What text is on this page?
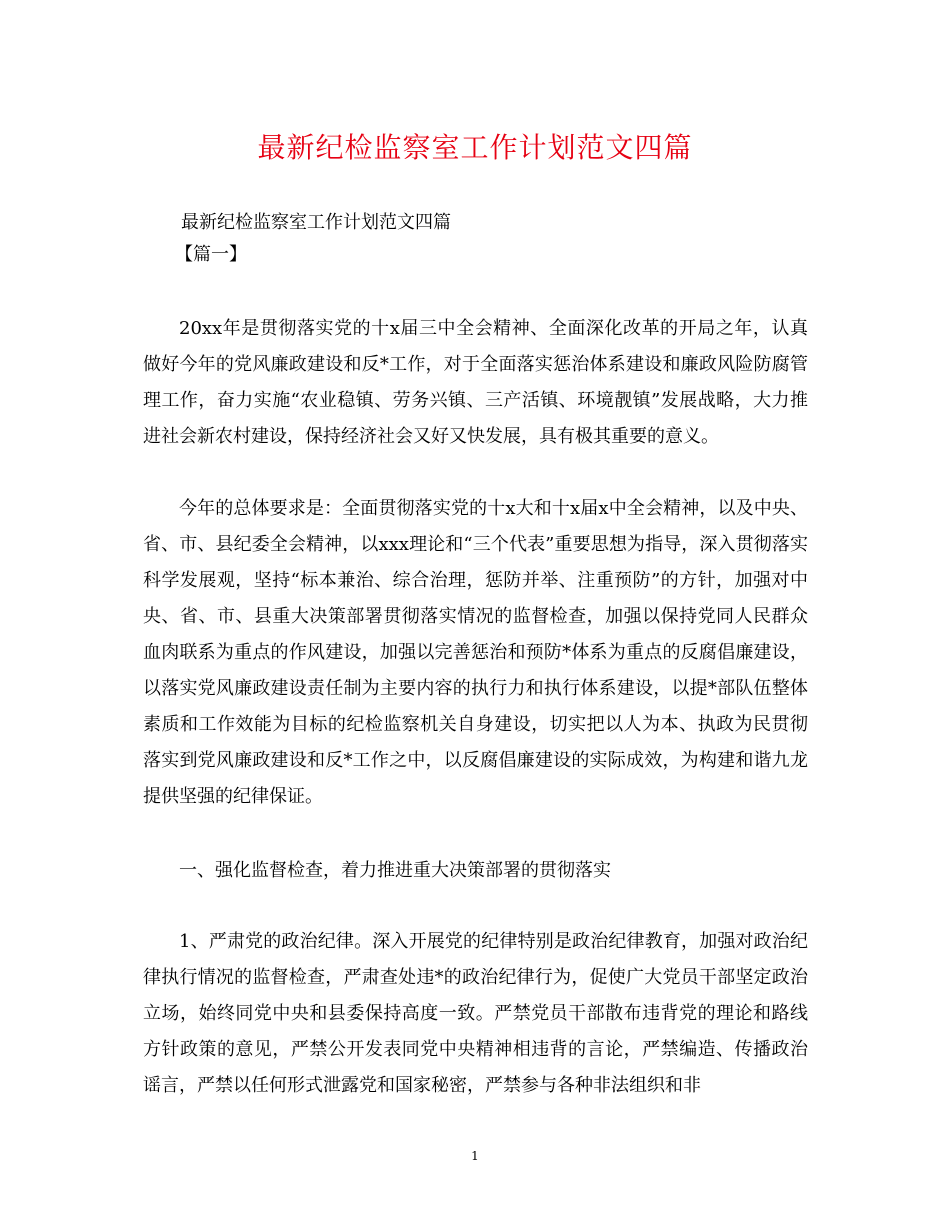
最新纪检监察室工作计划范文四篇

最新纪检监察室工作计划范文四篇

【篇一】

20xx年是贯彻落实党的十x届三中全会精神、全面深化改革的开局之年，认真做好今年的党风廉政建设和反*工作，对于全面落实惩治体系建设和廉政风险防腐管理工作，奋力实施“农业稳镇、劳务兴镇、三产活镇、环境靓镇”发展战略，大力推进社会新农村建设，保持经济社会又好又快发展，具有极其重要的意义。

今年的总体要求是：全面贯彻落实党的十x大和十x届x中全会精神，以及中央、省、市、县纪委全会精神，以xxx理论和“三个代表”重要思想为指导，深入贯彻落实科学发展观，坚持“标本兼治、综合治理，惩防并举、注重预防”的方针，加强对中央、省、市、县重大决策部署贯彻落实情况的监督检查，加强以保持党同人民群众血肉联系为重点的作风建设，加强以完善惩治和预防*体系为重点的反腐倡廉建设，以落实党风廉政建设责任制为主要内容的执行力和执行体系建设，以提*部队伍整体素质和工作效能为目标的纪检监察机关自身建设，切实把以人为本、执政为民贯彻落实到党风廉政建设和反*工作之中，以反腐倡廉建设的实际成效，为构建和谐九龙提供坚强的纪律保证。

一、强化监督检查，着力推进重大决策部署的贯彻落实

1、严肃党的政治纪律。深入开展党的纪律特别是政治纪律教育，加强对政治纪律执行情况的监督检查，严肃查处违*的政治纪律行为，促使广大党员干部坚定政治立场，始终同党中央和县委保持高度一致。严禁党员干部散布违背党的理论和路线方针政策的意见，严禁公开发表同党中央精神相违背的言论，严禁编造、传播政治谣言，严禁以任何形式泄露党和国家秘密，严禁参与各种非法组织和非

1
